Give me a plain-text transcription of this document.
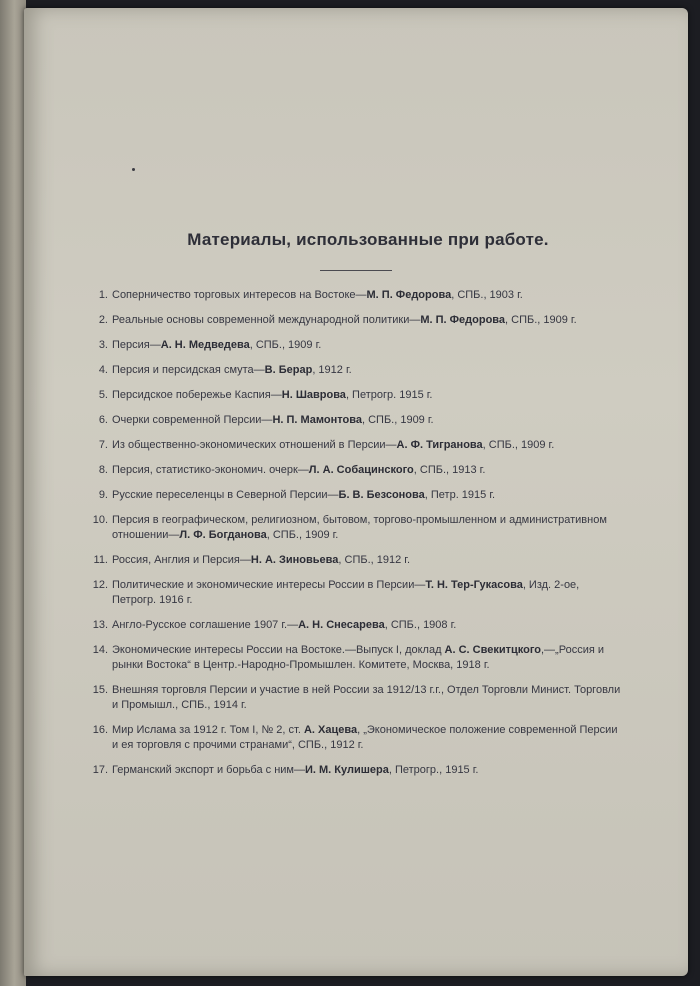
Материалы, использованные при работе.
1. Соперничество торговых интересов на Востоке—М. П. Федорова, СПБ., 1903 г.
2. Реальные основы современной международной политики—М. П. Федорова, СПБ., 1909 г.
3. Персия—А. Н. Медведева, СПБ., 1909 г.
4. Персия и персидская смута—В. Берар, 1912 г.
5. Персидское побережье Каспия—Н. Шаврова, Петрогр. 1915 г.
6. Очерки современной Персии—Н. П. Мамонтова, СПБ., 1909 г.
7. Из общественно-экономических отношений в Персии—А. Ф. Тигранова, СПБ., 1909 г.
8. Персия, статистико-экономич. очерк—Л. А. Собацинского, СПБ., 1913 г.
9. Русские переселенцы в Северной Персии—Б. В. Безсонова, Петр. 1915 г.
10. Персия в географическом, религиозном, бытовом, торгово-промышленном и административном отношении—Л. Ф. Богданова, СПБ., 1909 г.
11. Россия, Англия и Персия—Н. А. Зиновьева, СПБ., 1912 г.
12. Политические и экономические интересы России в Персии—Т. Н. Тер-Гукасова, Изд. 2-ое, Петрогр. 1916 г.
13. Англо-Русское соглашение 1907 г.—А. Н. Снесарева, СПБ., 1908 г.
14. Экономические интересы России на Востоке.—Выпуск I, доклад А. С. Свекитцкого,—„Россия и рынки Востока“ в Центр.-Народно-Промышлен. Комитете, Москва, 1918 г.
15. Внешняя торговля Персии и участие в ней России за 1912/13 г.г., Отдел Торговли Минист. Торговли и Промышл., СПБ., 1914 г.
16. Мир Ислама за 1912 г. Том I, № 2, ст. А. Хацева, „Экономическое положение современной Персии и ея торговля с прочими странами“, СПБ., 1912 г.
17. Германский экспорт и борьба с ним—И. М. Кулишера, Петрогр., 1915 г.
